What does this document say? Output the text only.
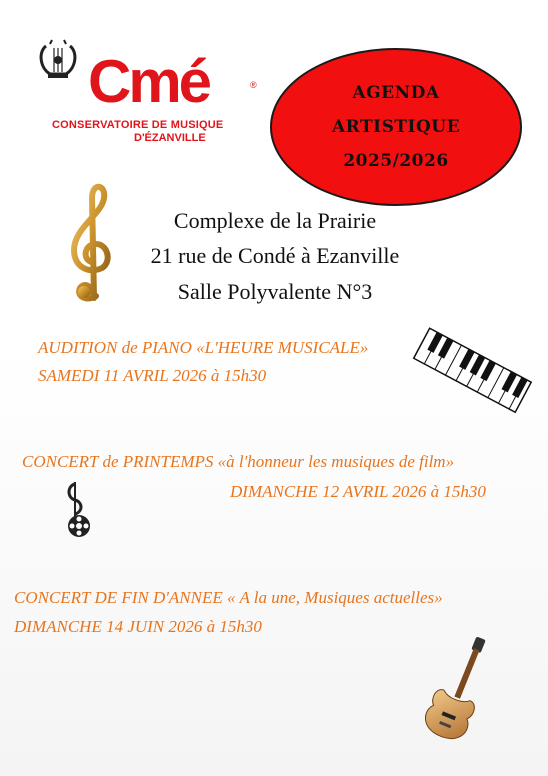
Cmé	®
CONSERVATOIRE DE MUSIQUE
D'ÉZANVILLE
AGENDA
ARTISTIQUE
2025/2026
Complexe de la Prairie
21 rue de Condé à Ezanville
Salle Polyvalente N°3
AUDITION de PIANO «L'HEURE MUSICALE»
SAMEDI 11 AVRIL 2026 à 15h30
CONCERT de PRINTEMPS «à l'honneur les musiques de film»
DIMANCHE 12 AVRIL 2026 à 15h30
CONCERT DE FIN D'ANNEE « A la une, Musiques actuelles»
DIMANCHE 14 JUIN 2026 à 15h30
